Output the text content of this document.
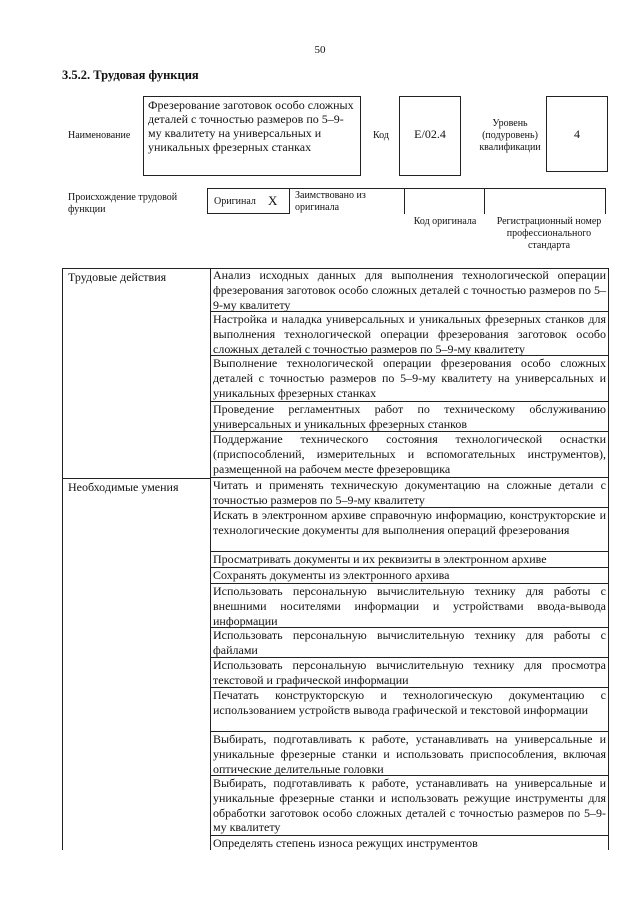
50
3.5.2. Трудовая функция
Наименование
Фрезерование заготовок особо сложных деталей с точностью размеров по 5–9-му квалитету на универсальных и уникальных фрезерных станках
Код	E/02.4
Уровень (подуровень) квалификации
4
Происхождение трудовой функции
Оригинал X Заимствовано из оригинала
Код оригинала	Регистрационный номер профессионального стандарта
Трудовые действия
Необходимые умения
Анализ исходных данных для выполнения технологической операции фрезерования заготовок особо сложных деталей с точностью размеров по 5–9-му квалитету
Настройка и наладка универсальных и уникальных фрезерных станков для выполнения технологической операции фрезерования заготовок особо сложных деталей с точностью размеров по 5–9-му квалитету
Выполнение технологической операции фрезерования особо сложных деталей с точностью размеров по 5–9-му квалитету на универсальных и уникальных фрезерных станках
Проведение регламентных работ по техническому обслуживанию универсальных и уникальных фрезерных станков
Поддержание технического состояния технологической оснастки (приспособлений, измерительных и вспомогательных инструментов), размещенной на рабочем месте фрезеровщика
Читать и применять техническую документацию на сложные детали с точностью размеров по 5–9-му квалитету
Искать в электронном архиве справочную информацию, конструкторские и технологические документы для выполнения операций фрезерования
Просматривать документы и их реквизиты в электронном архиве
Сохранять документы из электронного архива
Использовать персональную вычислительную технику для работы с внешними носителями информации и устройствами ввода-вывода информации
Использовать персональную вычислительную технику для работы с файлами
Использовать персональную вычислительную технику для просмотра текстовой и графической информации
Печатать конструкторскую и технологическую документацию с использованием устройств вывода графической и текстовой информации
Выбирать, подготавливать к работе, устанавливать на универсальные и уникальные фрезерные станки и использовать приспособления, включая оптические делительные головки
Выбирать, подготавливать к работе, устанавливать на универсальные и уникальные фрезерные станки и использовать режущие инструменты для обработки заготовок особо сложных деталей с точностью размеров по 5–9-му квалитету
Определять степень износа режущих инструментов
